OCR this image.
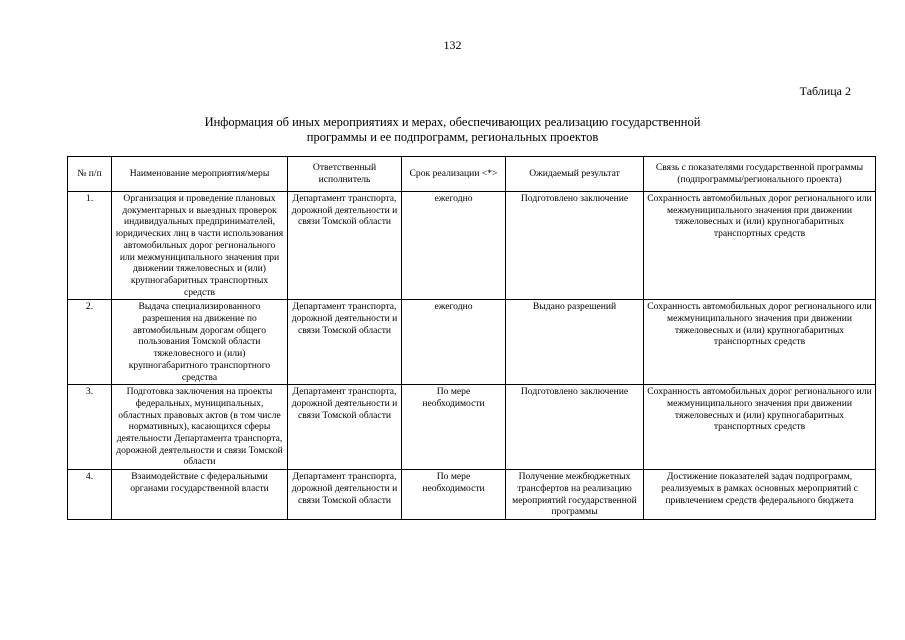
132
Таблица 2
Информация об иных мероприятиях и мерах, обеспечивающих реализацию государственной
программы и ее подпрограмм, региональных проектов
№ п/п	Наименование мероприятия/меры	Ответственный исполнитель	Срок реализации <*>	Ожидаемый результат	Связь с показателями государственной программы (подпрограммы/регионального проекта)
1.	Организация и проведение плановых документарных и выездных проверок индивидуальных предпринимателей, юридических лиц в части использования автомобильных дорог регионального или межмуниципального значения при движении тяжеловесных и (или) крупногабаритных транспортных средств	Департамент транспорта, дорожной деятельности и связи Томской области	ежегодно	Подготовлено заключение	Сохранность автомобильных дорог регионального или межмуниципального значения при движении тяжеловесных и (или) крупногабаритных транспортных средств
2.	Выдача специализированного разрешения на движение по автомобильным дорогам общего пользования Томской области тяжеловесного и (или) крупногабаритного транспортного средства	Департамент транспорта, дорожной деятельности и связи Томской области	ежегодно	Выдано разрешений	Сохранность автомобильных дорог регионального или межмуниципального значения при движении тяжеловесных и (или) крупногабаритных транспортных средств
3.	Подготовка заключения на проекты федеральных, муниципальных, областных правовых актов (в том числе нормативных), касающихся сферы деятельности Департамента транспорта, дорожной деятельности и связи Томской области	Департамент транспорта, дорожной деятельности и связи Томской области	По мере необходимости	Подготовлено заключение	Сохранность автомобильных дорог регионального или межмуниципального значения при движении тяжеловесных и (или) крупногабаритных транспортных средств
4.	Взаимодействие с федеральными органами государственной власти	Департамент транспорта, дорожной деятельности и связи Томской области	По мере необходимости	Получение межбюджетных трансфертов на реализацию мероприятий государственной программы	Достижение показателей задач подпрограмм, реализуемых в рамках основных мероприятий с привлечением средств федерального бюджета
